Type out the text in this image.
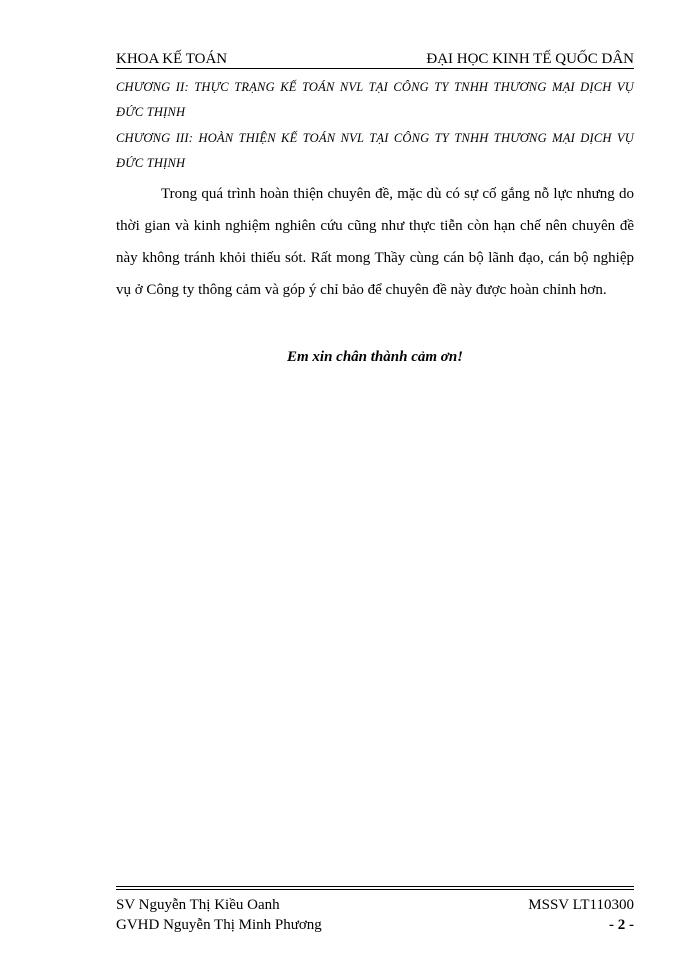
KHOA KẾ TOÁN	ĐẠI HỌC KINH TẾ QUỐC DÂN
CHƯƠNG II: THỰC TRẠNG KẾ TOÁN NVL TẠI CÔNG TY TNHH THƯƠNG MẠI DỊCH VỤ ĐỨC THỊNH
CHƯƠNG III: HOÀN THIỆN KẾ TOÁN NVL TẠI CÔNG TY TNHH THƯƠNG MẠI DỊCH VỤ ĐỨC THỊNH

Trong quá trình hoàn thiện chuyên đề, mặc dù có sự cố gắng nỗ lực nhưng do thời gian và kinh nghiệm nghiên cứu cũng như thực tiễn còn hạn chế nên chuyên đề này không tránh khỏi thiếu sót. Rất mong Thầy cùng cán bộ lãnh đạo, cán bộ nghiệp vụ ở Công ty thông cảm và góp ý chỉ bảo để chuyên đề này được hoàn chỉnh hơn.

Em xin chân thành cảm ơn!
SV Nguyễn Thị Kiều Oanh	MSSV LT110300
GVHD Nguyễn Thị Minh Phương	- 2 -
